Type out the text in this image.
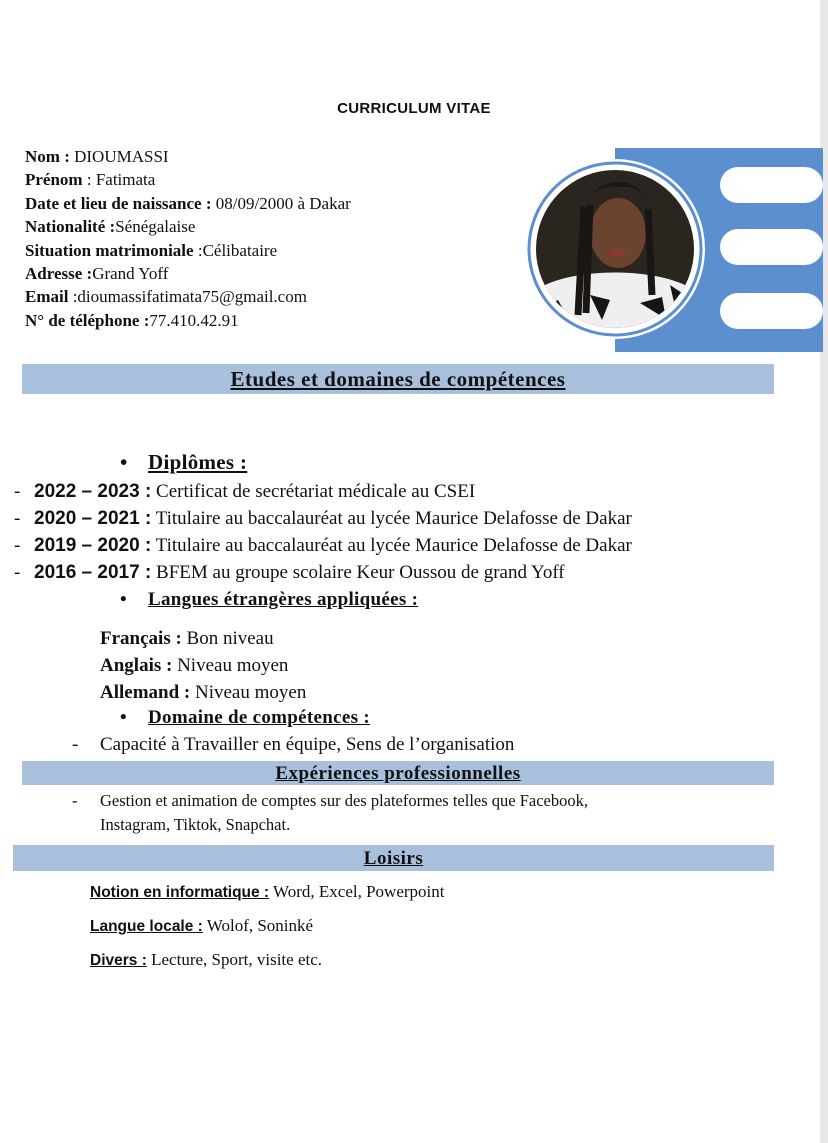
CURRICULUM VITAE
Nom : DIOUMASSI
Prénom : Fatimata
Date et lieu de naissance : 08/09/2000 à Dakar
Nationalité :Sénégalaise
Situation matrimoniale :Célibataire
Adresse :Grand Yoff
Email :dioumassifatimata75@gmail.com
N° de téléphone :77.410.42.91
Etudes et domaines de compétences
• Diplômes :
- 2022 – 2023 : Certificat de secrétariat médicale au CSEI
- 2020 – 2021 : Titulaire au baccalauréat au lycée Maurice Delafosse de Dakar
- 2019 – 2020 : Titulaire au baccalauréat au lycée Maurice Delafosse de Dakar
- 2016 – 2017 : BFEM au groupe scolaire Keur Oussou de grand Yoff
• Langues étrangères appliquées :
Français : Bon niveau
Anglais : Niveau moyen
Allemand : Niveau moyen
• Domaine de compétences :
- Capacité à Travailler en équipe, Sens de l’organisation
Expériences professionnelles
- Gestion et animation de comptes sur des plateformes telles que Facebook,
Instagram, Tiktok, Snapchat.
Loisirs
Notion en informatique : Word, Excel, Powerpoint
Langue locale : Wolof, Soninké
Divers : Lecture, Sport, visite etc.
